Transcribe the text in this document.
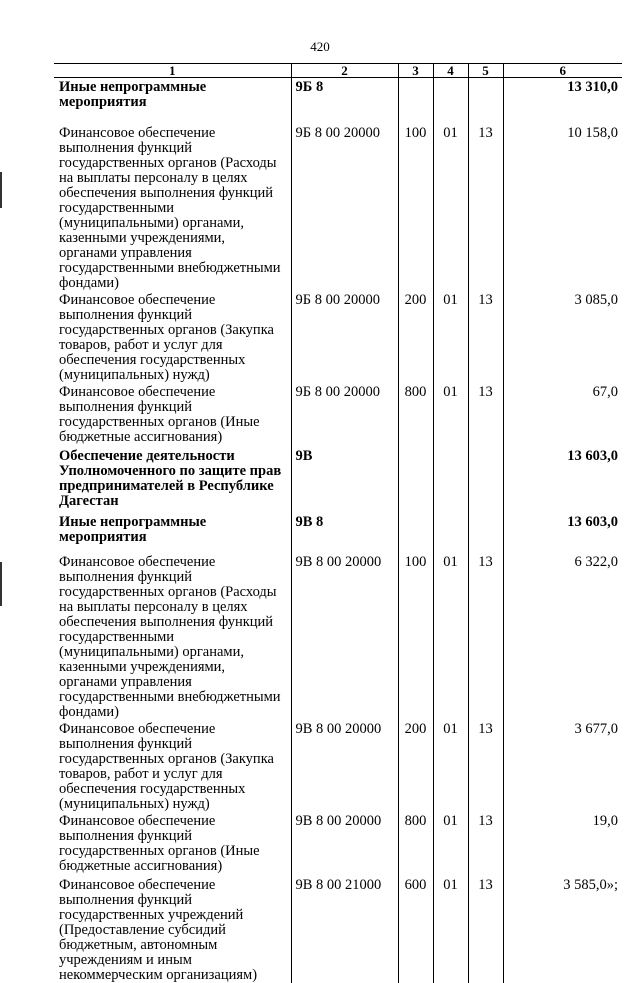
420
1	2	3	4	5	6
Иные непрограммные мероприятия	9Б 8				13 310,0
Финансовое обеспечение выполнения функций государственных органов (Расходы на выплаты персоналу в целях обеспечения выполнения функций государственными (муниципальными) органами, казенными учреждениями, органами управления государственными внебюджетными фондами)	9Б 8 00 20000	100	01	13	10 158,0
Финансовое обеспечение выполнения функций государственных органов (Закупка товаров, работ и услуг для обеспечения государственных (муниципальных) нужд)	9Б 8 00 20000	200	01	13	3 085,0
Финансовое обеспечение выполнения функций государственных органов (Иные бюджетные ассигнования)	9Б 8 00 20000	800	01	13	67,0
Обеспечение деятельности Уполномоченного по защите прав предпринимателей в Республике Дагестан	9В				13 603,0
Иные непрограммные мероприятия	9В 8				13 603,0
Финансовое обеспечение выполнения функций государственных органов (Расходы на выплаты персоналу в целях обеспечения выполнения функций государственными (муниципальными) органами, казенными учреждениями, органами управления государственными внебюджетными фондами)	9В 8 00 20000	100	01	13	6 322,0
Финансовое обеспечение выполнения функций государственных органов (Закупка товаров, работ и услуг для обеспечения государственных (муниципальных) нужд)	9В 8 00 20000	200	01	13	3 677,0
Финансовое обеспечение выполнения функций государственных органов (Иные бюджетные ассигнования)	9В 8 00 20000	800	01	13	19,0
Финансовое обеспечение выполнения функций государственных учреждений (Предоставление субсидий бюджетным, автономным учреждениям и иным некоммерческим организациям)	9В 8 00 21000	600	01	13	3 585,0»;
